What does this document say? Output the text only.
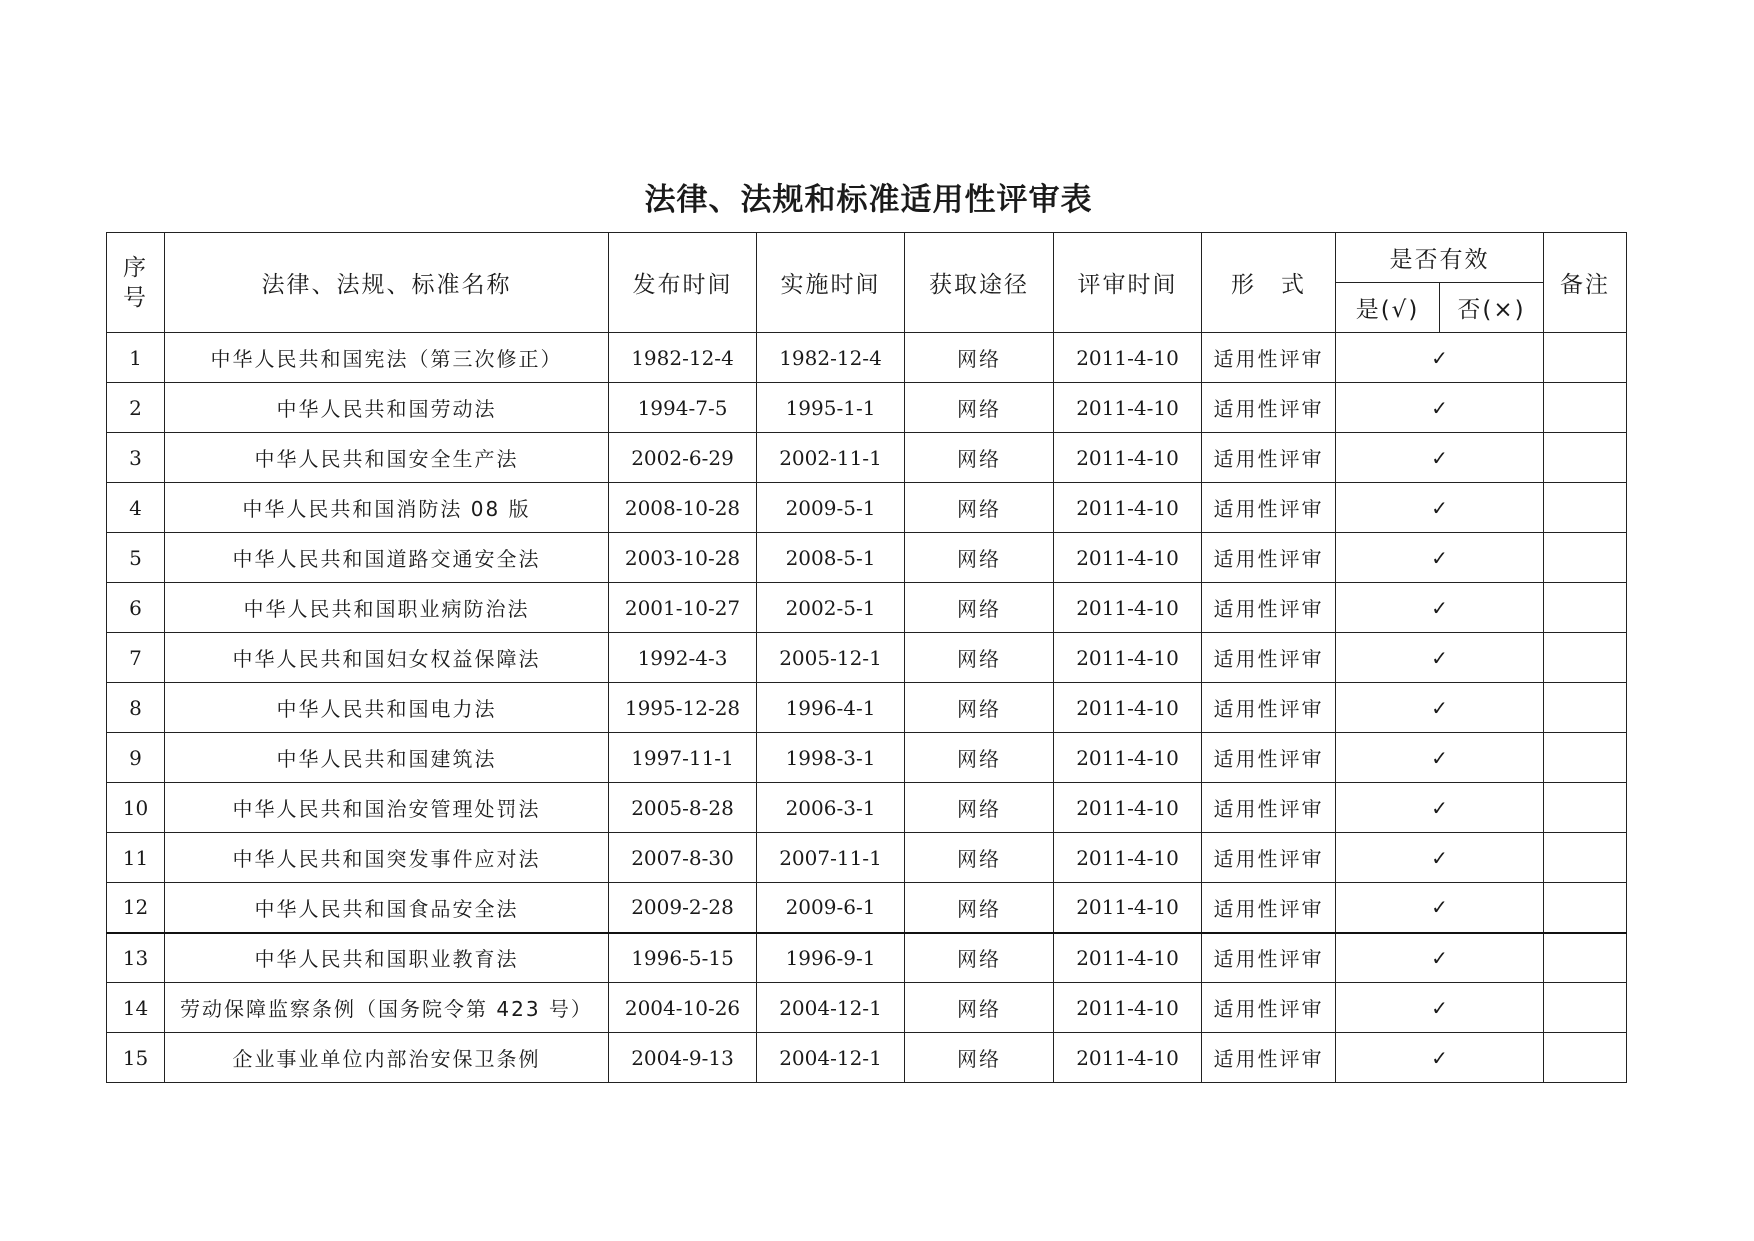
法律、法规和标准适用性评审表
序
号	法律、法规、标准名称	发布时间	实施时间	获取途径	评审时间	形　式	是否有效		备注
							是(√)	否(×)	
1	中华人民共和国宪法（第三次修正）	1982-12-4	1982-12-4	网络	2011-4-10	适用性评审	✓		
2	中华人民共和国劳动法	1994-7-5	1995-1-1	网络	2011-4-10	适用性评审	✓		
3	中华人民共和国安全生产法	2002-6-29	2002-11-1	网络	2011-4-10	适用性评审	✓		
4	中华人民共和国消防法 08 版	2008-10-28	2009-5-1	网络	2011-4-10	适用性评审	✓		
5	中华人民共和国道路交通安全法	2003-10-28	2008-5-1	网络	2011-4-10	适用性评审	✓		
6	中华人民共和国职业病防治法	2001-10-27	2002-5-1	网络	2011-4-10	适用性评审	✓		
7	中华人民共和国妇女权益保障法	1992-4-3	2005-12-1	网络	2011-4-10	适用性评审	✓		
8	中华人民共和国电力法	1995-12-28	1996-4-1	网络	2011-4-10	适用性评审	✓		
9	中华人民共和国建筑法	1997-11-1	1998-3-1	网络	2011-4-10	适用性评审	✓		
10	中华人民共和国治安管理处罚法	2005-8-28	2006-3-1	网络	2011-4-10	适用性评审	✓		
11	中华人民共和国突发事件应对法	2007-8-30	2007-11-1	网络	2011-4-10	适用性评审	✓		
12	中华人民共和国食品安全法	2009-2-28	2009-6-1	网络	2011-4-10	适用性评审	✓		
13	中华人民共和国职业教育法	1996-5-15	1996-9-1	网络	2011-4-10	适用性评审	✓		
14	劳动保障监察条例（国务院令第 423 号）	2004-10-26	2004-12-1	网络	2011-4-10	适用性评审	✓		
15	企业事业单位内部治安保卫条例	2004-9-13	2004-12-1	网络	2011-4-10	适用性评审	✓		
